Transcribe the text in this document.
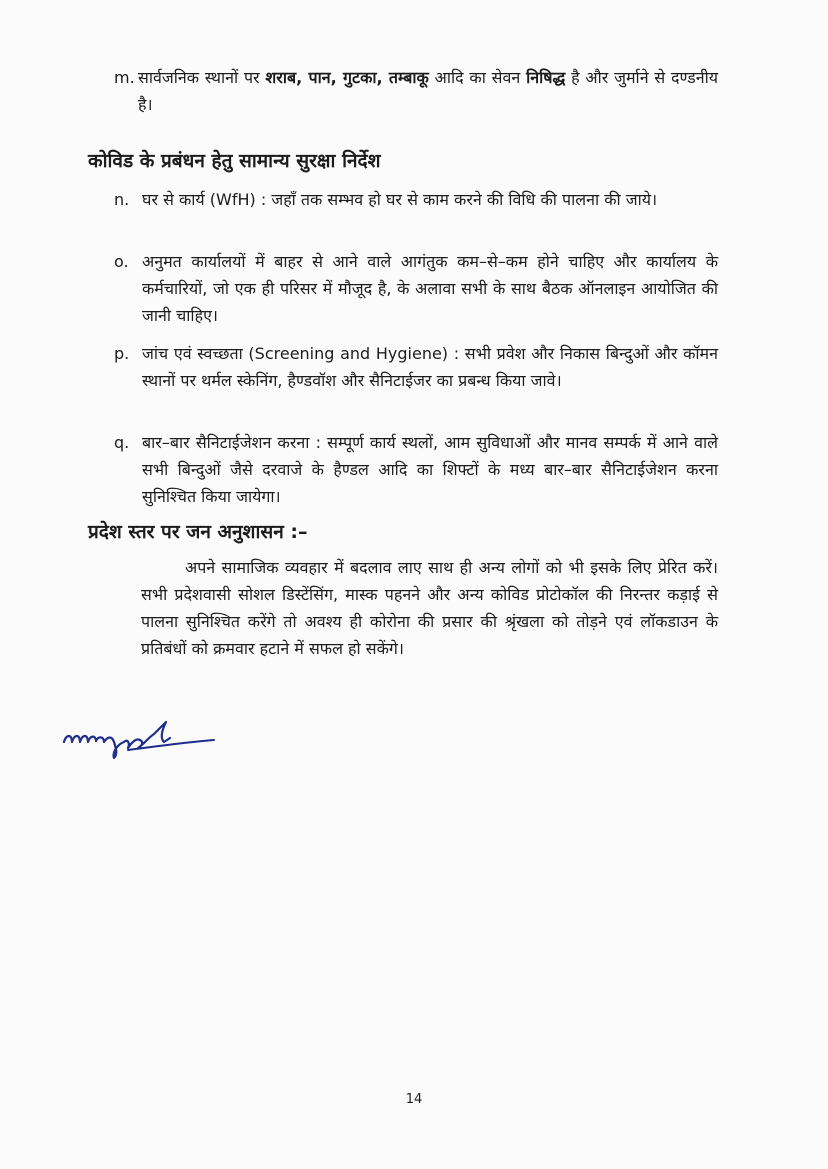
m. सार्वजनिक स्थानों पर शराब, पान, गुटका, तम्बाकू आदि का सेवन निषिद्ध है और जुर्माने से दण्डनीय है।
कोविड के प्रबंधन हेतु सामान्य सुरक्षा निर्देश
n. घर से कार्य (WfH) : जहाँ तक सम्भव हो घर से काम करने की विधि की पालना की जाये।
o. अनुमत कार्यालयों में बाहर से आने वाले आगंतुक कम–से–कम होने चाहिए और कार्यालय के कर्मचारियों, जो एक ही परिसर में मौजूद है, के अलावा सभी के साथ बैठक ऑनलाइन आयोजित की जानी चाहिए।
p. जांच एवं स्वच्छता (Screening and Hygiene) : सभी प्रवेश और निकास बिन्दुओं और कॉमन स्थानों पर थर्मल स्केनिंग, हैण्डवॉश और सैनिटाईजर का प्रबन्ध किया जावे।
q. बार–बार सैनिटाईजेशन करना : सम्पूर्ण कार्य स्थलों, आम सुविधाओं और मानव सम्पर्क में आने वाले सभी बिन्दुओं जैसे दरवाजे के हैण्डल आदि का शिफ्टों के मध्य बार–बार सैनिटाईजेशन करना सुनिश्चित किया जायेगा।
प्रदेश स्तर पर जन अनुशासन :–
अपने सामाजिक व्यवहार में बदलाव लाए साथ ही अन्य लोगों को भी इसके लिए प्रेरित करें। सभी प्रदेशवासी सोशल डिस्टेंसिंग, मास्क पहनने और अन्य कोविड प्रोटोकॉल की निरन्तर कड़ाई से पालना सुनिश्चित करेंगे तो अवश्य ही कोरोना की प्रसार की श्रृंखला को तोड़ने एवं लॉकडाउन के प्रतिबंधों को क्रमवार हटाने में सफल हो सकेंगे।
14
